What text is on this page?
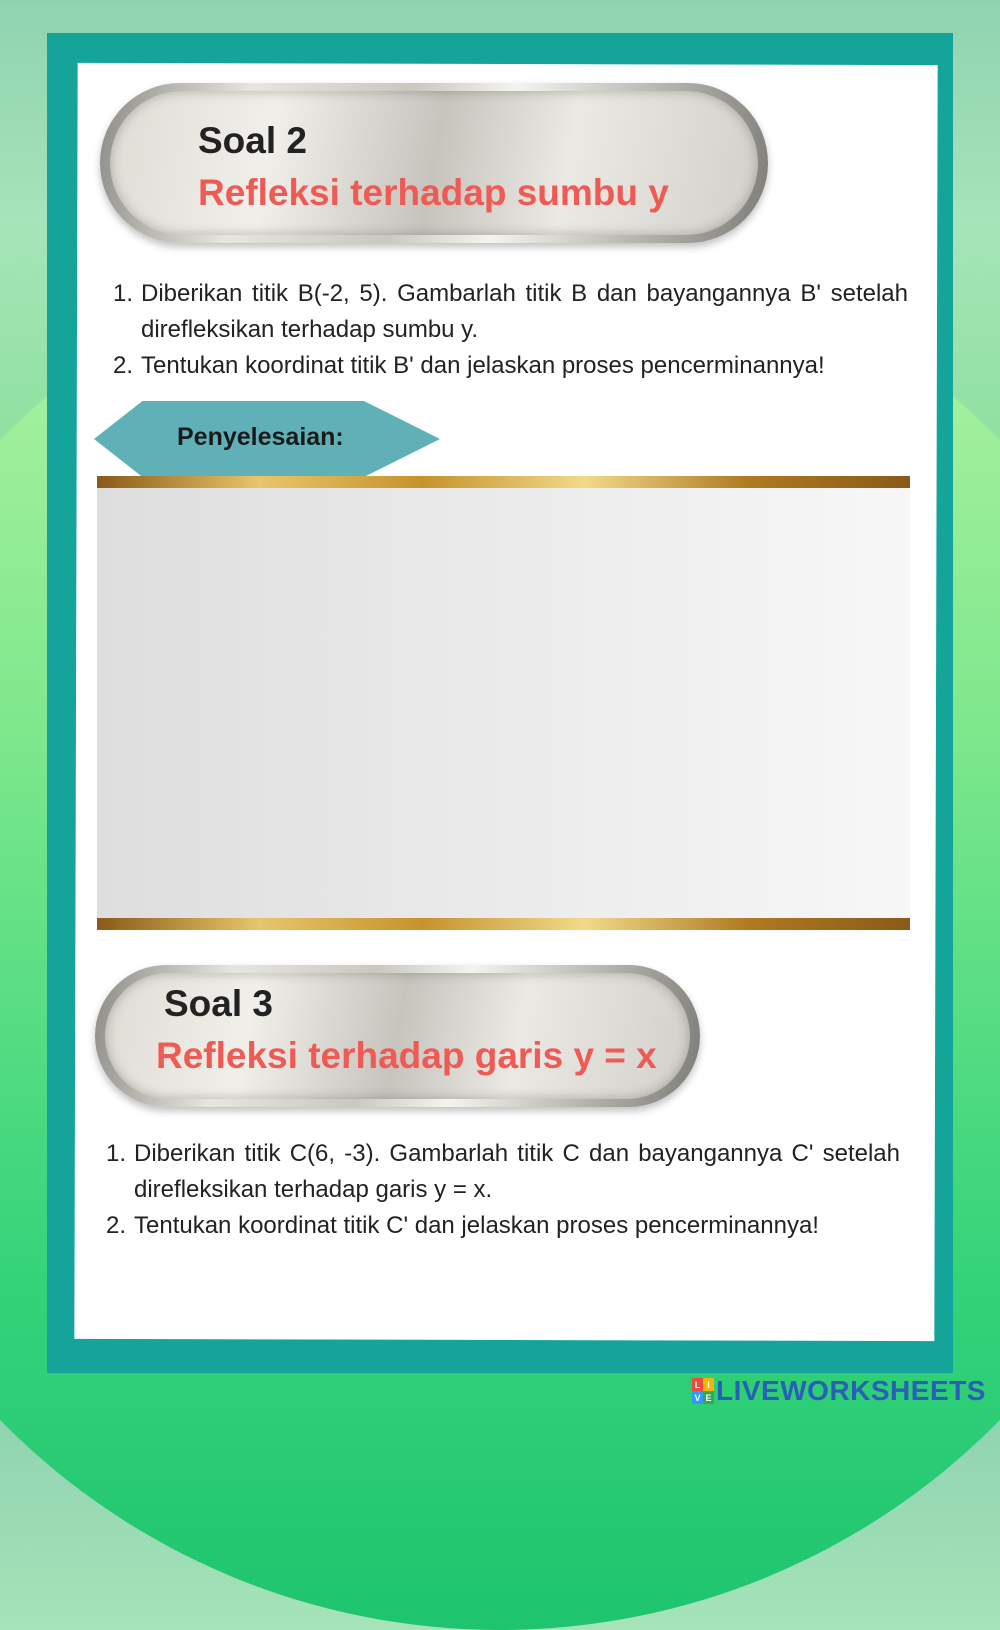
Soal 2
Refleksi terhadap sumbu y
1. Diberikan titik B(-2, 5). Gambarlah titik B dan bayangannya B' setelah direfleksikan terhadap sumbu y.
2. Tentukan koordinat titik B' dan jelaskan proses pencerminannya!
Penyelesaian:
Soal 3
Refleksi terhadap garis y = x
1. Diberikan titik C(6, -3). Gambarlah titik C dan bayangannya C' setelah direfleksikan terhadap garis y = x.
2. Tentukan koordinat titik C' dan jelaskan proses pencerminannya!
L I
V E LIVEWORKSHEETS
